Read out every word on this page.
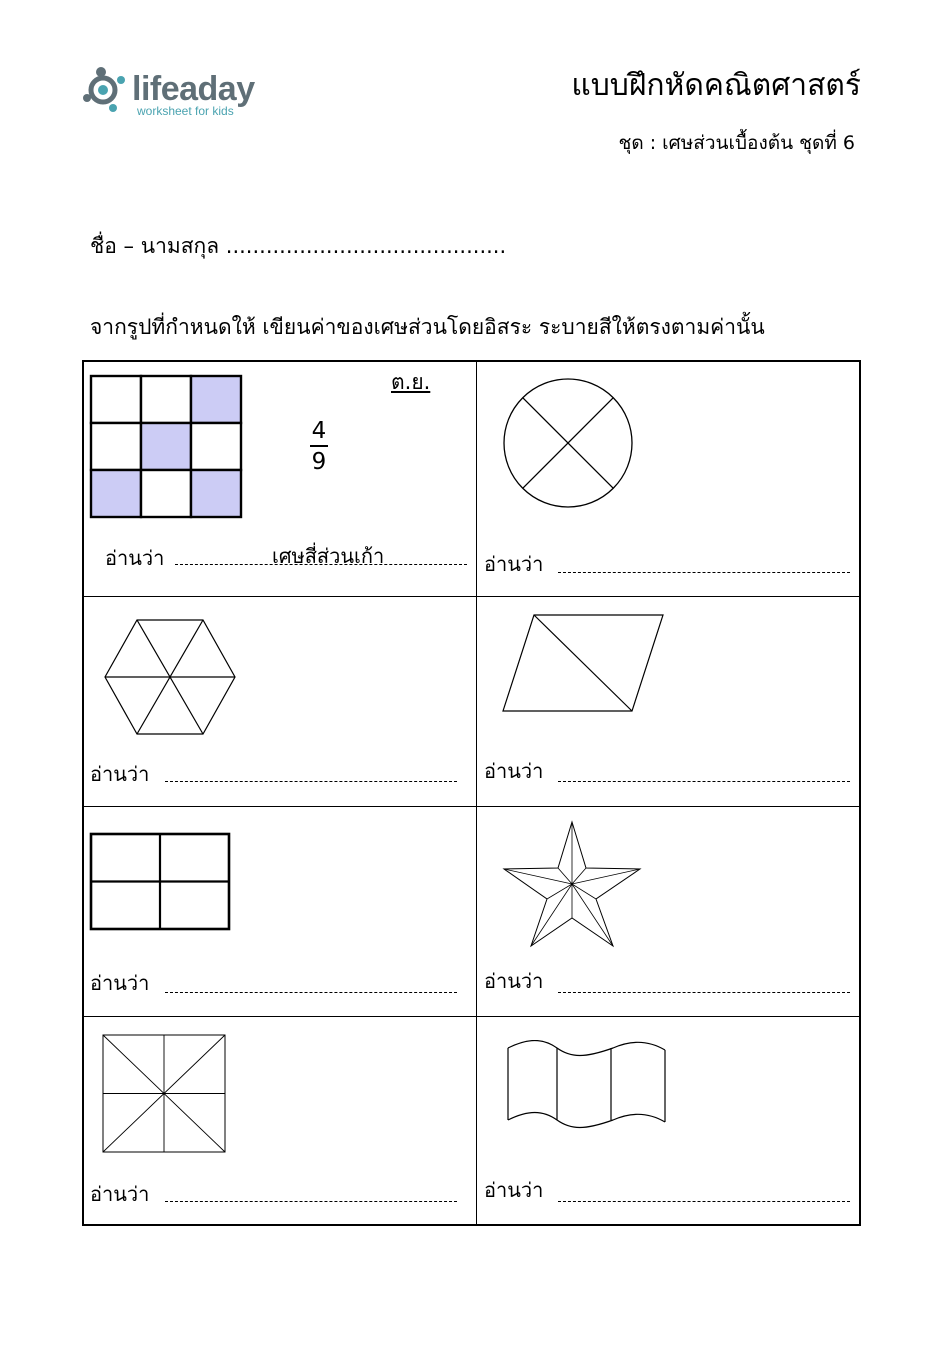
lifeaday
worksheet for kids
แบบฝึกหัดคณิตศาสตร์
ชุด : เศษส่วนเบื้องต้น ชุดที่ 6
ชื่อ – นามสกุล ..........................................
จากรูปที่กำหนดให้ เขียนค่าของเศษส่วนโดยอิสระ ระบายสีให้ตรงตามค่านั้น
ต.ย.
$\frac{4}{9}$
อ่านว่า	เศษสี่ส่วนเก้า	อ่านว่า
อ่านว่า	อ่านว่า
อ่านว่า	อ่านว่า
อ่านว่า	อ่านว่า
